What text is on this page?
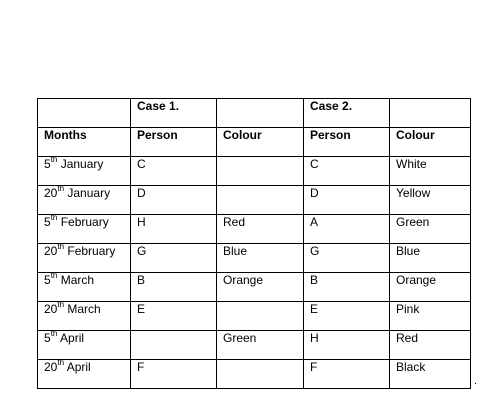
'
	Case 1.		Case 2.	
Months	Person	Colour	Person	Colour
5th January	C		C	White
20th January	D		D	Yellow
5th February	H	Red	A	Green
20th February	G	Blue	G	Blue
5th March	B	Orange	B	Orange
20th March	E		E	Pink
5th April		Green	H	Red
20th April	F		F	Black
.
